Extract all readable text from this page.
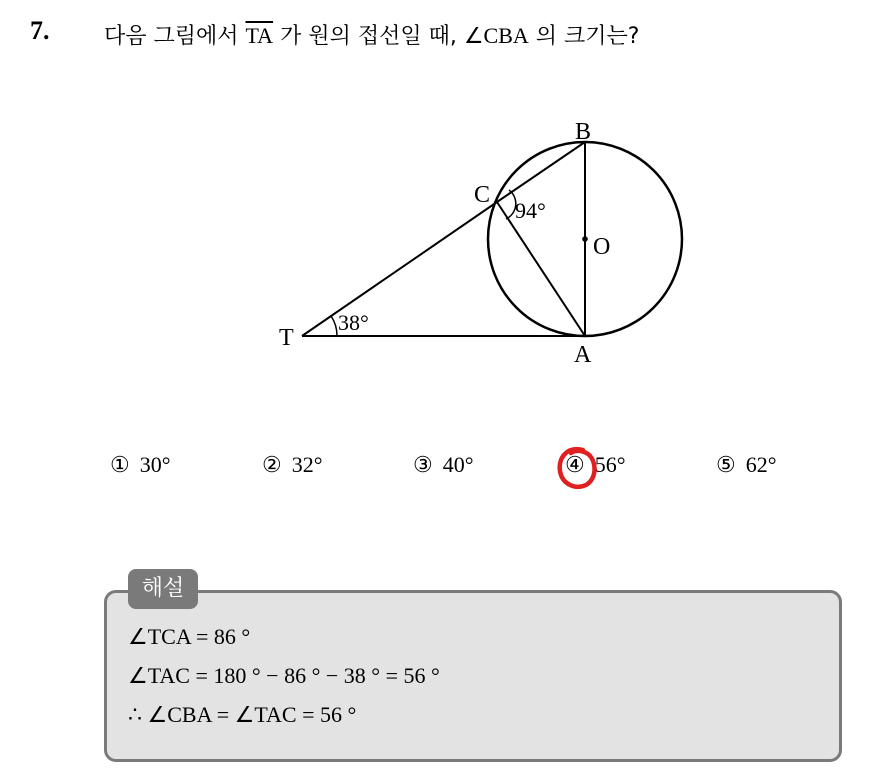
7. 다음 그림에서 $\overline{TA}$ 가 원의 접선일 때, ∠CBA 의 크기는?
B
C
O
T
A
94°
38°
① 30°	② 32°	③ 40°	④ 56°	⑤ 62°
해설
∠TCA = 86 °
∠TAC = 180 ° − 86 ° − 38 ° = 56 °
∴ ∠CBA = ∠TAC = 56 °
